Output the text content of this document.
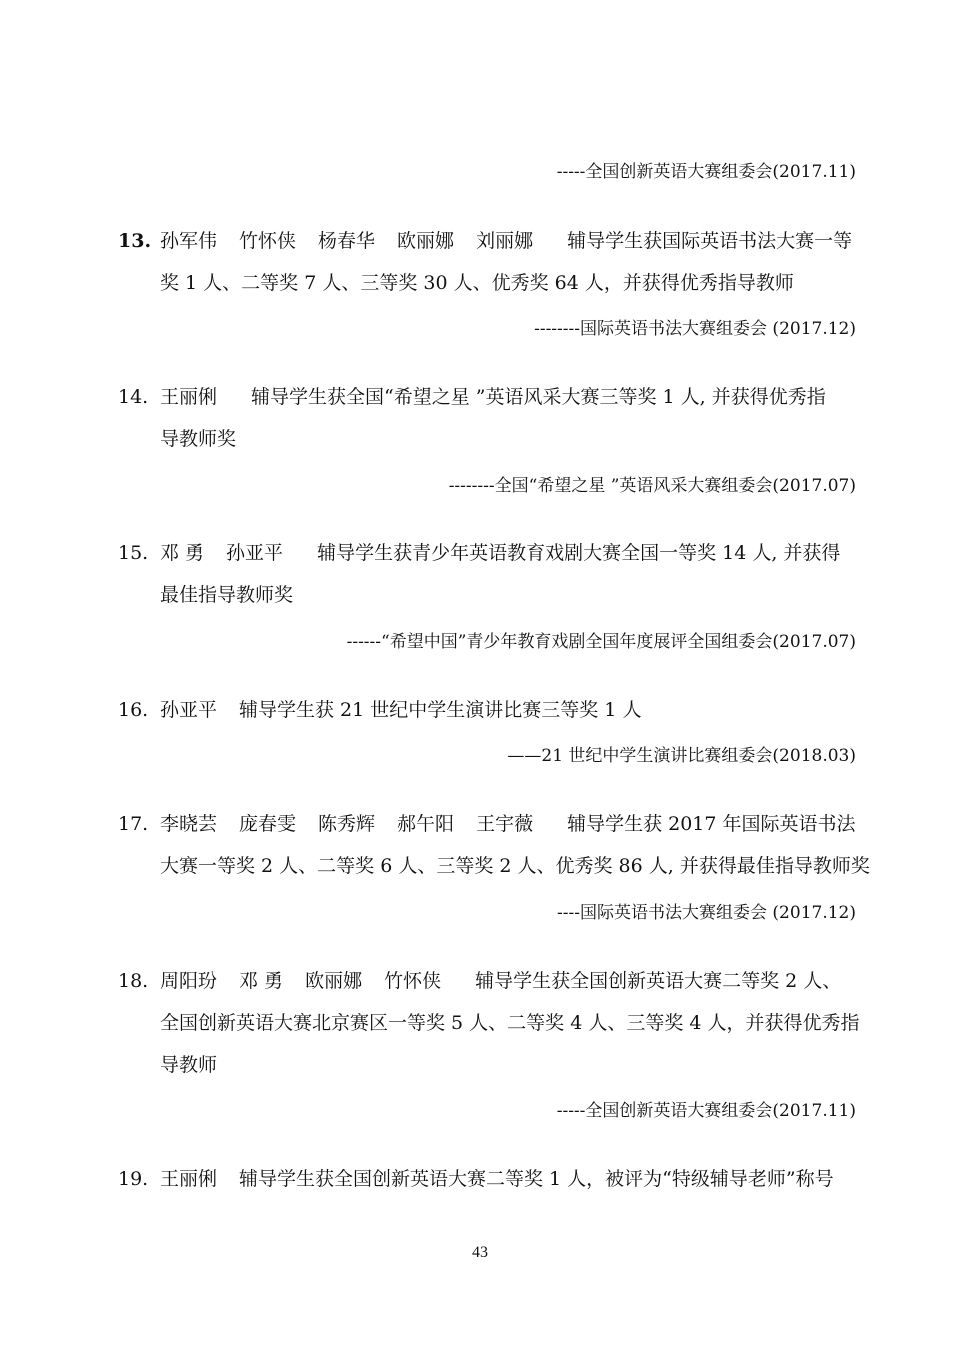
-----全国创新英语大赛组委会(2017.11)
13. 孙军伟 竹怀侠 杨春华 欧丽娜 刘丽娜 辅导学生获国际英语书法大赛一等
奖 1 人、二等奖 7 人、三等奖 30 人、优秀奖 64 人，并获得优秀指导教师
--------国际英语书法大赛组委会 (2017.12)
14. 王丽俐 辅导学生获全国“希望之星 ”英语风采大赛三等奖 1 人, 并获得优秀指
导教师奖
--------全国“希望之星 ”英语风采大赛组委会(2017.07)
15. 邓 勇 孙亚平 辅导学生获青少年英语教育戏剧大赛全国一等奖 14 人, 并获得
最佳指导教师奖
------“希望中国”青少年教育戏剧全国年度展评全国组委会(2017.07)
16. 孙亚平 辅导学生获 21 世纪中学生演讲比赛三等奖 1 人
——21 世纪中学生演讲比赛组委会(2018.03)
17. 李晓芸 庞春雯 陈秀辉 郝午阳 王宇薇 辅导学生获 2017 年国际英语书法
大赛一等奖 2 人、二等奖 6 人、三等奖 2 人、优秀奖 86 人, 并获得最佳指导教师奖
----国际英语书法大赛组委会 (2017.12)
18. 周阳玢 邓 勇 欧丽娜 竹怀侠 辅导学生获全国创新英语大赛二等奖 2 人、
全国创新英语大赛北京赛区一等奖 5 人、二等奖 4 人、三等奖 4 人，并获得优秀指
导教师
-----全国创新英语大赛组委会(2017.11)
19. 王丽俐 辅导学生获全国创新英语大赛二等奖 1 人，被评为“特级辅导老师”称号
43
